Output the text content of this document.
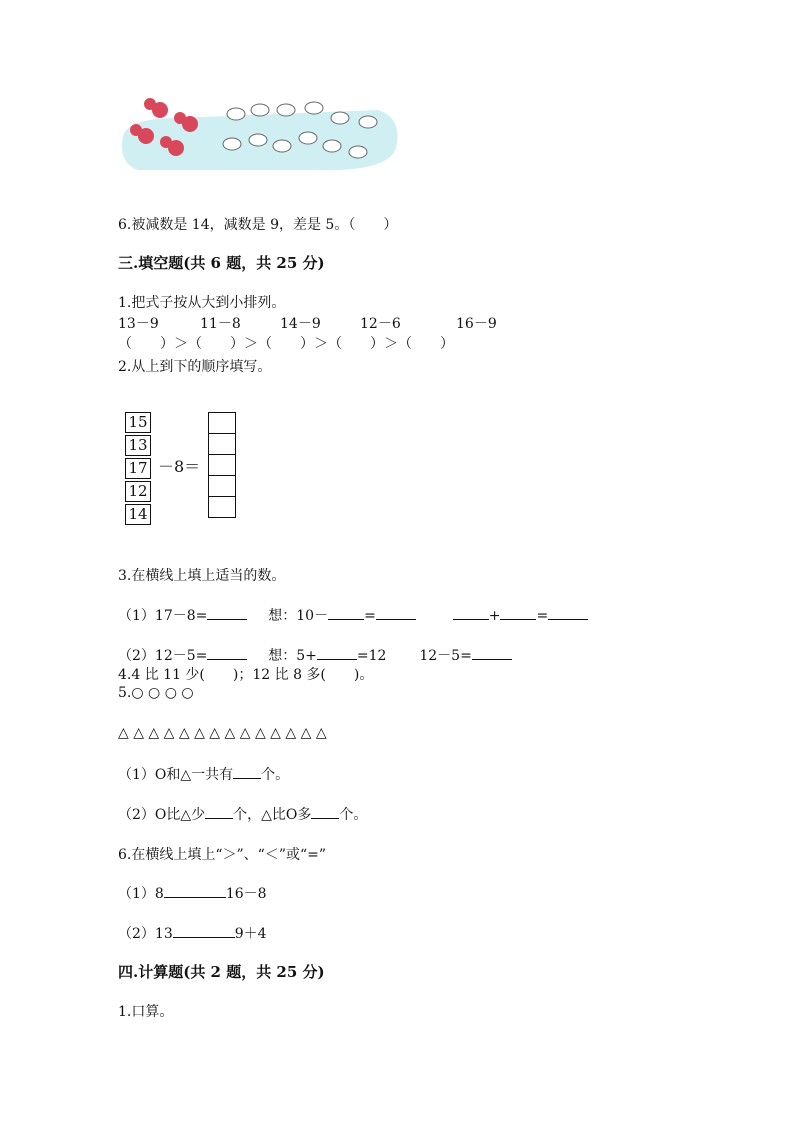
6.被减数是 14，减数是 9，差是 5。（　　）
三.填空题(共 6 题，共 25 分)
1.把式子按从大到小排列。
13－9	11－8	14－9	12－6	16－9
（　　）＞（　　）＞（　　）＞（　　）＞（　　）
2.从上到下的顺序填写。
15
13
17
12
14
－8＝
3.在横线上填上适当的数。
（1）17－8=	想：10－	=	+	=
（2）12－5=	想：5+	=12 12－5=
4.4 比 11 少(　　)；12 比 8 多(　　)。
5.○ ○ ○ ○
△ △ △ △ △ △ △ △ △ △ △ △ △ △
（1）O和△一共有 个。
（2）O比△少 个，△比O多 个。
6.在横线上填上“＞”、“＜”或“=”
（1）8	16－8
（2）13	9＋4
四.计算题(共 2 题，共 25 分)
1.口算。
